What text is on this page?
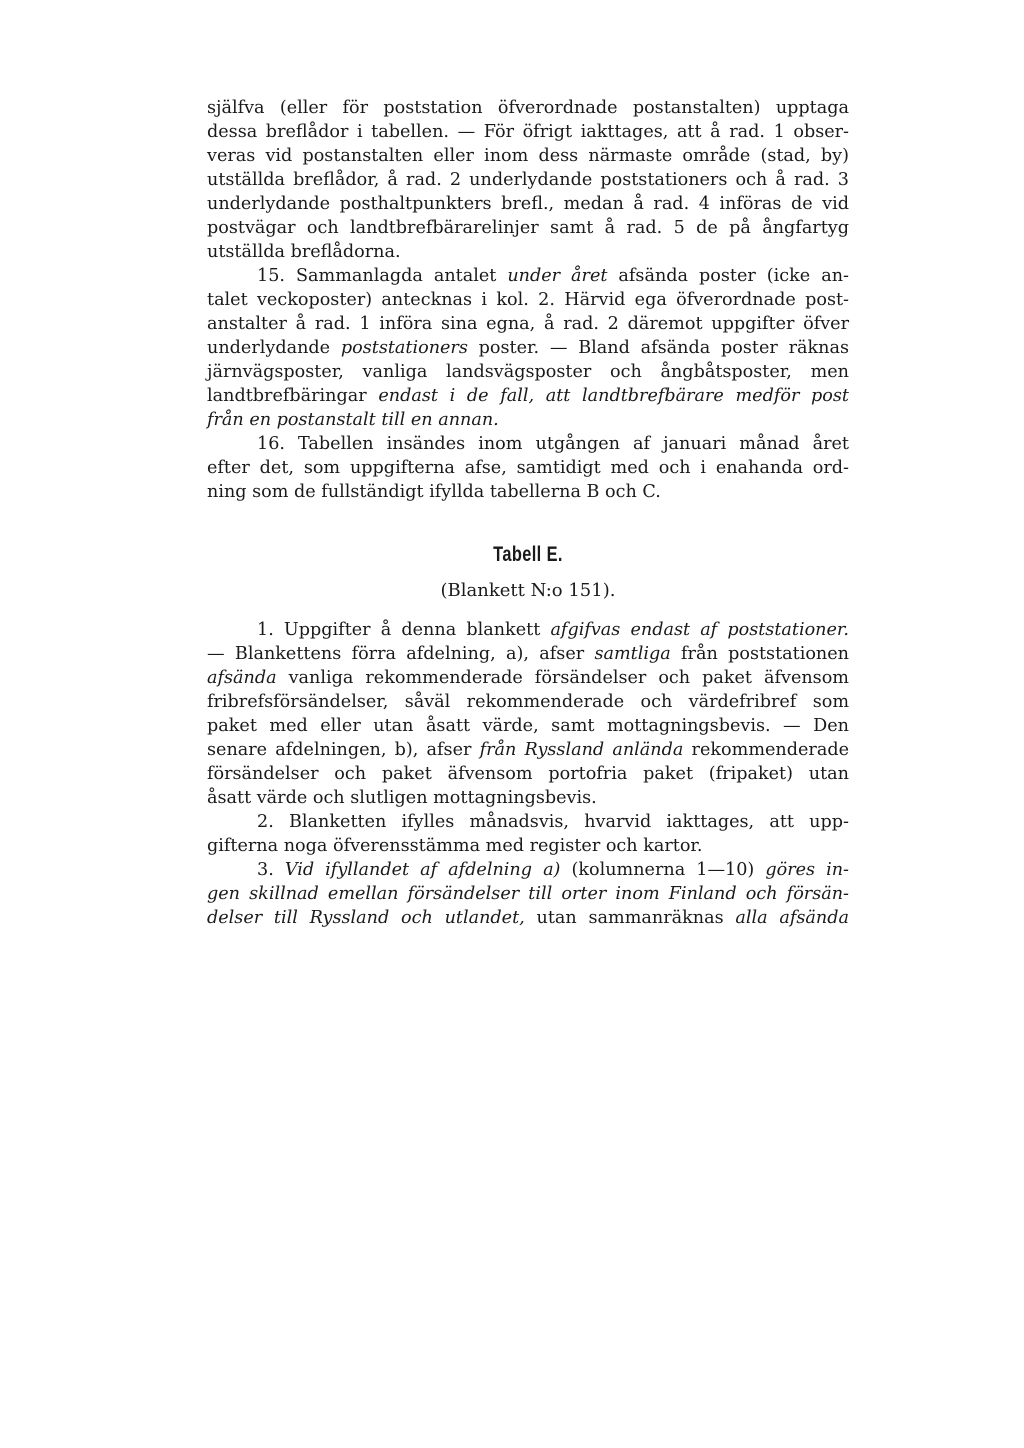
själfva (eller för poststation öfverordnade postanstalten) upptaga
dessa breflådor i tabellen. — För öfrigt iakttages, att å rad. 1 obser-
veras vid postanstalten eller inom dess närmaste område (stad, by)
utställda breflådor, å rad. 2 underlydande poststationers och å rad. 3
underlydande posthaltpunkters brefl., medan å rad. 4 införas de vid
postvägar och landtbrefbärarelinjer samt å rad. 5 de på ångfartyg
utställda breflådorna.
15. Sammanlagda antalet under året afsända poster (icke an-
talet veckoposter) antecknas i kol. 2. Härvid ega öfverordnade post-
anstalter å rad. 1 införa sina egna, å rad. 2 däremot uppgifter öfver
underlydande poststationers poster. — Bland afsända poster räknas
järnvägsposter, vanliga landsvägsposter och ångbåtsposter, men
landtbrefbäringar endast i de fall, att landtbrefbärare medför post
från en postanstalt till en annan.
16. Tabellen insändes inom utgången af januari månad året
efter det, som uppgifterna afse, samtidigt med och i enahanda ord-
ning som de fullständigt ifyllda tabellerna B och C.
Tabell E.
(Blankett N:o 151).
1. Uppgifter å denna blankett afgifvas endast af poststationer.
— Blankettens förra afdelning, a), afser samtliga från poststationen
afsända vanliga rekommenderade försändelser och paket äfvensom
fribrefsförsändelser, såväl rekommenderade och värdefribref som
paket med eller utan åsatt värde, samt mottagningsbevis. — Den
senare afdelningen, b), afser från Ryssland anlända rekommenderade
försändelser och paket äfvensom portofria paket (fripaket) utan
åsatt värde och slutligen mottagningsbevis.
2. Blanketten ifylles månadsvis, hvarvid iakttages, att upp-
gifterna noga öfverensstämma med register och kartor.
3. Vid ifyllandet af afdelning a) (kolumnerna 1—10) göres in-
gen skillnad emellan försändelser till orter inom Finland och försän-
delser till Ryssland och utlandet, utan sammanräknas alla afsända
